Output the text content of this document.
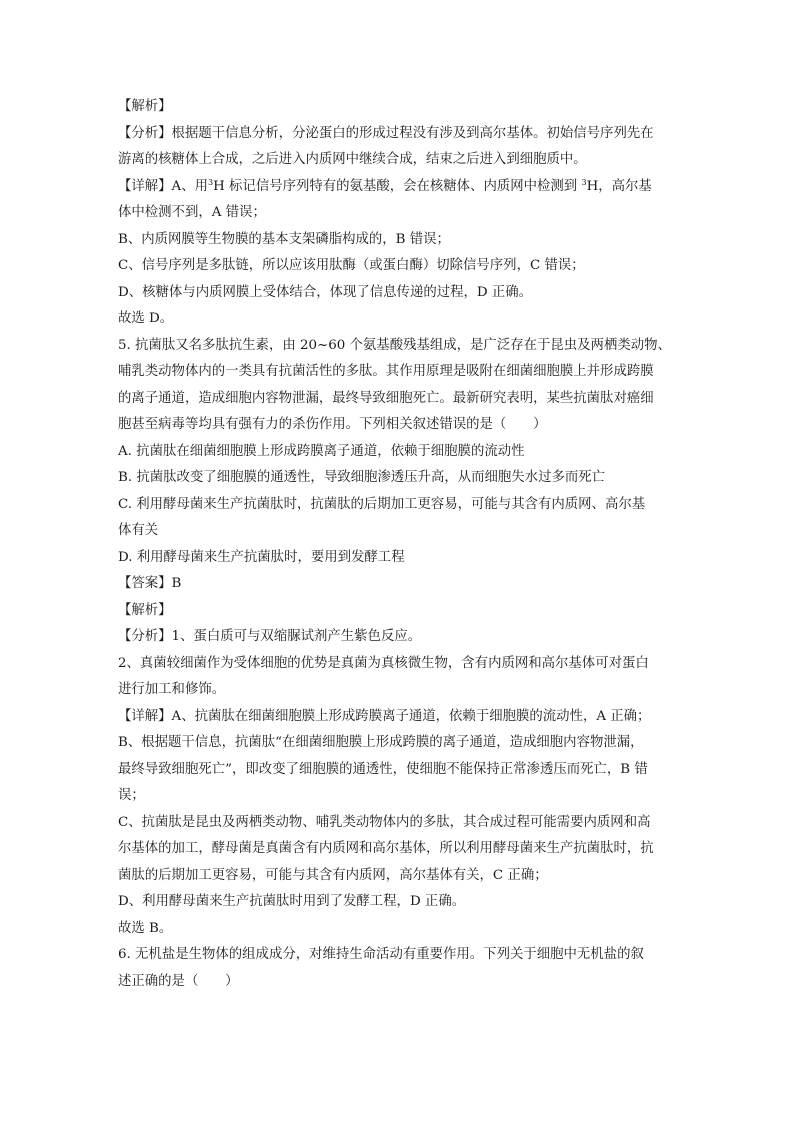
【解析】
【分析】根据题干信息分析，分泌蛋白的形成过程没有涉及到高尔基体。初始信号序列先在
游离的核糖体上合成，之后进入内质网中继续合成，结束之后进入到细胞质中。
【详解】A、用$^3$H 标记信号序列特有的氨基酸，会在核糖体、内质网中检测到 $^3$H，高尔基
体中检测不到，A 错误；
B、内质网膜等生物膜的基本支架磷脂构成的，B 错误；
C、信号序列是多肽链，所以应该用肽酶（或蛋白酶）切除信号序列，C 错误；
D、核糖体与内质网膜上受体结合，体现了信息传递的过程，D 正确。
故选 D。
5. 抗菌肽又名多肽抗生素，由 20~60 个氨基酸残基组成，是广泛存在于昆虫及两栖类动物、
哺乳类动物体内的一类具有抗菌活性的多肽。其作用原理是吸附在细菌细胞膜上并形成跨膜
的离子通道，造成细胞内容物泄漏，最终导致细胞死亡。最新研究表明，某些抗菌肽对癌细
胞甚至病毒等均具有强有力的杀伤作用。下列相关叙述错误的是（　　）
A. 抗菌肽在细菌细胞膜上形成跨膜离子通道，依赖于细胞膜的流动性
B. 抗菌肽改变了细胞膜的通透性，导致细胞渗透压升高，从而细胞失水过多而死亡
C. 利用酵母菌来生产抗菌肽时，抗菌肽的后期加工更容易，可能与其含有内质网、高尔基
体有关
D. 利用酵母菌来生产抗菌肽时，要用到发酵工程
【答案】B
【解析】
【分析】1、蛋白质可与双缩脲试剂产生紫色反应。
2、真菌较细菌作为受体细胞的优势是真菌为真核微生物，含有内质网和高尔基体可对蛋白
进行加工和修饰。
【详解】A、抗菌肽在细菌细胞膜上形成跨膜离子通道，依赖于细胞膜的流动性，A 正确；
B、根据题干信息，抗菌肽“在细菌细胞膜上形成跨膜的离子通道，造成细胞内容物泄漏，
最终导致细胞死亡”，即改变了细胞膜的通透性，使细胞不能保持正常渗透压而死亡，B 错
误；
C、抗菌肽是昆虫及两栖类动物、哺乳类动物体内的多肽，其合成过程可能需要内质网和高
尔基体的加工，酵母菌是真菌含有内质网和高尔基体，所以利用酵母菌来生产抗菌肽时，抗
菌肽的后期加工更容易，可能与其含有内质网，高尔基体有关，C 正确；
D、利用酵母菌来生产抗菌肽时用到了发酵工程，D 正确。
故选 B。
6. 无机盐是生物体的组成成分，对维持生命活动有重要作用。下列关于细胞中无机盐的叙
述正确的是（　　）
